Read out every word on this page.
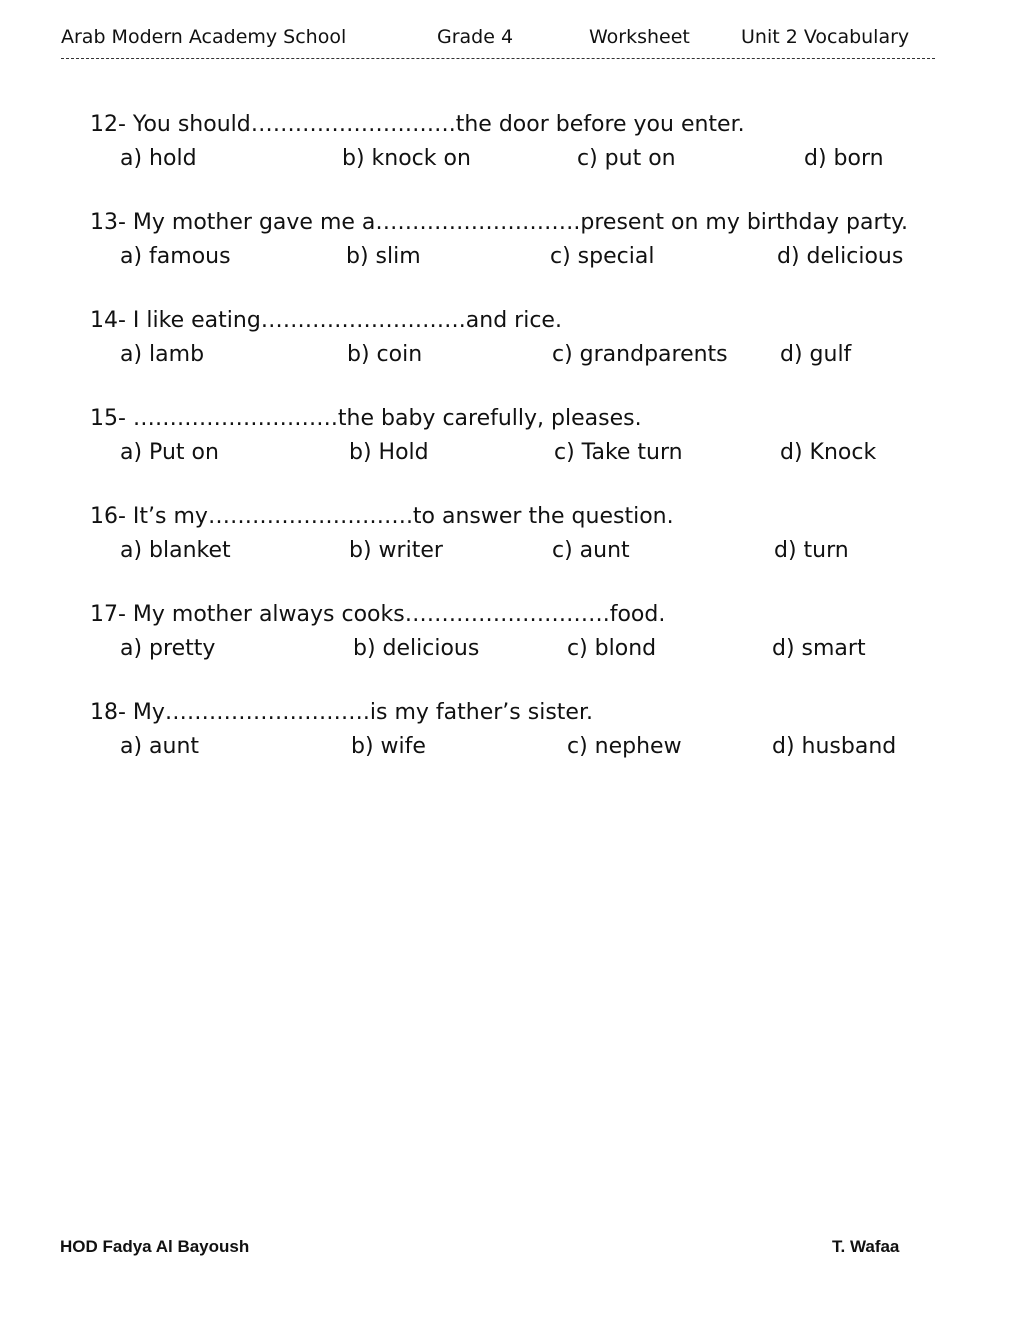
Arab Modern Academy School	Grade 4	Worksheet	Unit 2 Vocabulary
12- You should……………………….the door before you enter.
a) hold	b) knock on	c) put on	d) born
13- My mother gave me a……………………….present on my birthday party.
a) famous	b) slim	c) special	d) delicious
14- I like eating……………………….and rice.
a) lamb	b) coin	c) grandparents d) gulf
15- ……………………….the baby carefully, pleases.
a) Put on	b) Hold	c) Take turn	d) Knock
16- It’s my……………………….to answer the question.
a) blanket	b) writer	c) aunt	d) turn
17- My mother always cooks……………………….food.
a) pretty	b) delicious	c) blond	d) smart
18- My……………………….is my father’s sister.
a) aunt	b) wife	c) nephew	d) husband
HOD Fadya Al Bayoush	T. Wafaa
